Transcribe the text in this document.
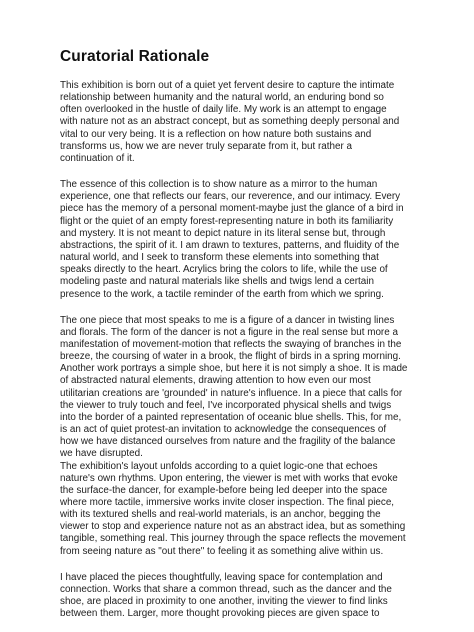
Curatorial Rationale

This exhibition is born out of a quiet yet fervent desire to capture the intimate
relationship between humanity and the natural world, an enduring bond so
often overlooked in the hustle of daily life. My work is an attempt to engage
with nature not as an abstract concept, but as something deeply personal and
vital to our very being. It is a reflection on how nature both sustains and
transforms us, how we are never truly separate from it, but rather a
continuation of it.

The essence of this collection is to show nature as a mirror to the human
experience, one that reflects our fears, our reverence, and our intimacy. Every
piece has the memory of a personal moment-maybe just the glance of a bird in
flight or the quiet of an empty forest-representing nature in both its familiarity
and mystery. It is not meant to depict nature in its literal sense but, through
abstractions, the spirit of it. I am drawn to textures, patterns, and fluidity of the
natural world, and I seek to transform these elements into something that
speaks directly to the heart. Acrylics bring the colors to life, while the use of
modeling paste and natural materials like shells and twigs lend a certain
presence to the work, a tactile reminder of the earth from which we spring.

The one piece that most speaks to me is a figure of a dancer in twisting lines
and florals. The form of the dancer is not a figure in the real sense but more a
manifestation of movement-motion that reflects the swaying of branches in the
breeze, the coursing of water in a brook, the flight of birds in a spring morning.
Another work portrays a simple shoe, but here it is not simply a shoe. It is made
of abstracted natural elements, drawing attention to how even our most
utilitarian creations are 'grounded' in nature's influence. In a piece that calls for
the viewer to truly touch and feel, I've incorporated physical shells and twigs
into the border of a painted representation of oceanic blue shells. This, for me,
is an act of quiet protest-an invitation to acknowledge the consequences of
how we have distanced ourselves from nature and the fragility of the balance
we have disrupted.

The exhibition's layout unfolds according to a quiet logic-one that echoes
nature's own rhythms. Upon entering, the viewer is met with works that evoke
the surface-the dancer, for example-before being led deeper into the space
where more tactile, immersive works invite closer inspection. The final piece,
with its textured shells and real-world materials, is an anchor, begging the
viewer to stop and experience nature not as an abstract idea, but as something
tangible, something real. This journey through the space reflects the movement
from seeing nature as "out there" to feeling it as something alive within us.

I have placed the pieces thoughtfully, leaving space for contemplation and
connection. Works that share a common thread, such as the dancer and the
shoe, are placed in proximity to one another, inviting the viewer to find links
between them. Larger, more thought provoking pieces are given space to
